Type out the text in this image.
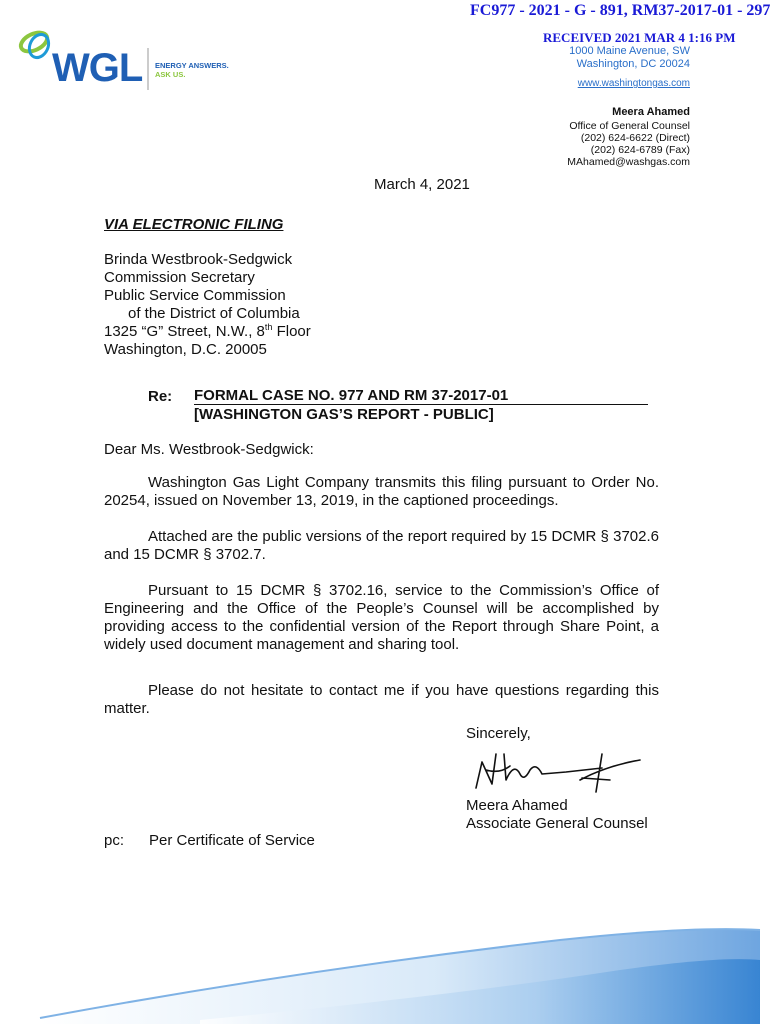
FC977 - 2021 - G - 891, RM37-2017-01 - 297
RECEIVED 2021 MAR 4 1:16 PM
WGL ENERGY ANSWERS.
ASK US.
1000 Maine Avenue, SW
Washington, DC 20024
www.washingtongas.com
Meera Ahamed
Office of General Counsel
(202) 624-6622 (Direct)
(202) 624-6789 (Fax)
MAhamed@washgas.com
March 4, 2021
VIA ELECTRONIC FILING
Brinda Westbrook-Sedgwick
Commission Secretary
Public Service Commission
of the District of Columbia
1325 “G” Street, N.W., 8th Floor
Washington, D.C. 20005
Re: FORMAL CASE NO. 977 AND RM 37-2017-01
[WASHINGTON GAS’S REPORT - PUBLIC]
Dear Ms. Westbrook-Sedgwick:
Washington Gas Light Company transmits this filing pursuant to Order No. 20254, issued on November 13, 2019, in the captioned proceedings.
Attached are the public versions of the report required by 15 DCMR § 3702.6 and 15 DCMR § 3702.7.
Pursuant to 15 DCMR § 3702.16, service to the Commission’s Office of Engineering and the Office of the People’s Counsel will be accomplished by providing access to the confidential version of the Report through Share Point, a widely used document management and sharing tool.
Please do not hesitate to contact me if you have questions regarding this matter.
Sincerely,
Meera Ahamed
Associate General Counsel
pc: Per Certificate of Service
